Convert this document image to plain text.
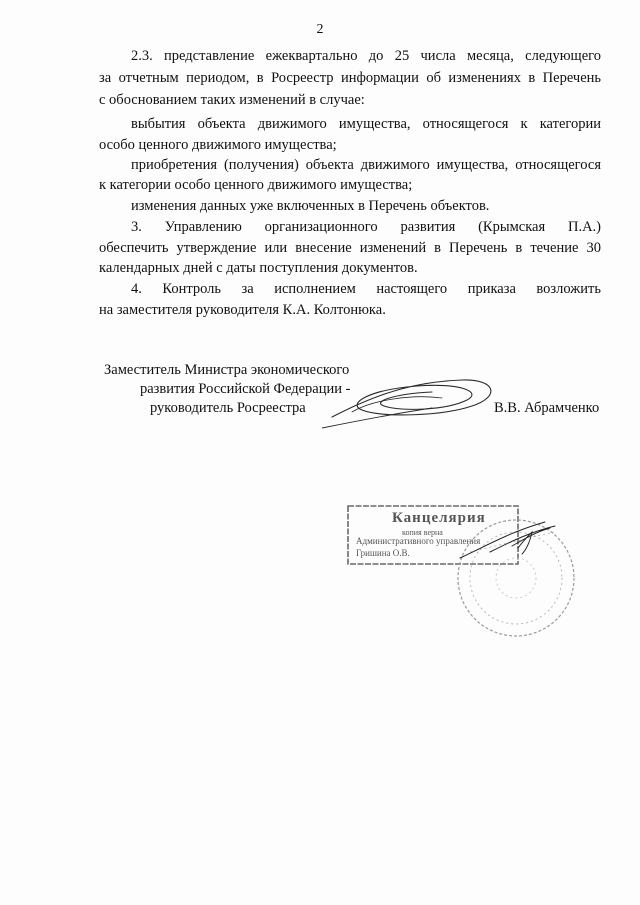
2
2.3. представление ежеквартально до 25 числа месяца, следующего
за отчетным периодом, в Росреестр информации об изменениях в Перечень
с обоснованием таких изменений в случае:
выбытия объекта движимого имущества, относящегося к категории
особо ценного движимого имущества;
приобретения (получения) объекта движимого имущества, относящегося
к категории особо ценного движимого имущества;
изменения данных уже включенных в Перечень объектов.
3. Управлению организационного развития (Крымская П.А.)
обеспечить утверждение или внесение изменений в Перечень в течение 30
календарных дней с даты поступления документов.
4. Контроль за исполнением настоящего приказа возложить
на заместителя руководителя К.А. Колтонюка.
Заместитель Министра экономического
развития Российской Федерации -
руководитель Росреестра	В.В. Абрамченко
Канцелярия
копия верна
Административного управления
Гришина О.В.
